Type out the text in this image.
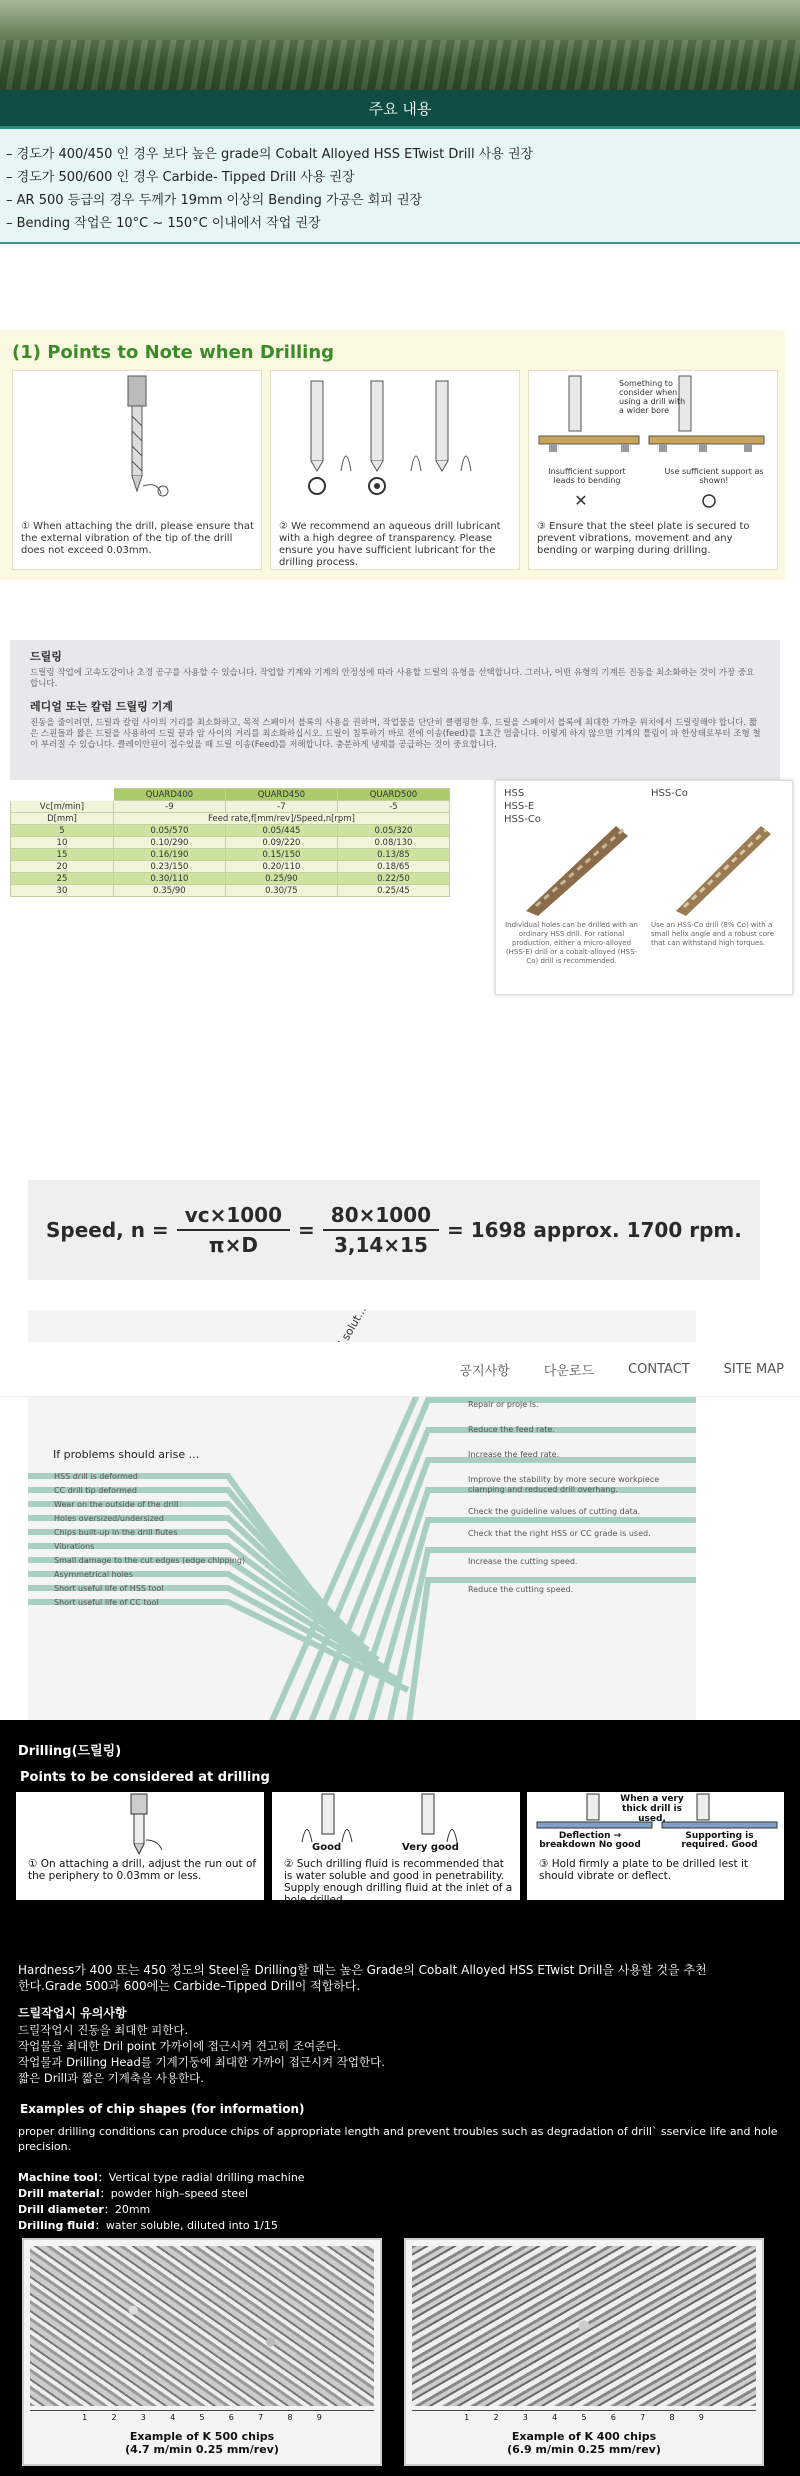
주요 내용
– 경도가 400/450 인 경우 보다 높은 grade의 Cobalt Alloyed HSS ETwist Drill 사용 권장
– 경도가 500/600 인 경우 Carbide- Tipped Drill 사용 권장
– AR 500 등급의 경우 두께가 19mm 이상의 Bending 가공은 회피 권장
– Bending 작업은 10°C ~ 150°C 이내에서 작업 권장
(1) Points to Note when Drilling
① When attaching the drill, please ensure that the external vibration of the tip of the drill does not exceed 0.03mm.
② We recommend an aqueous drill lubricant with a high degree of transparency. Please ensure you have sufficient lubricant for the drilling process.
✕
Something to consider when using a drill with a wider bore
Insufficient support leads to bending
Use sufficient support as shown!
③ Ensure that the steel plate is secured to prevent vibrations, movement and any bending or warping during drilling.
드릴링

드릴링 작업에 고속도강이나 초경 공구를 사용할 수 있습니다. 작업할 기계와 기계의 안정성에 따라 사용할 드릴의 유형을 선택합니다. 그러나, 어떤 유형의 기계든 진동을 최소화하는 것이 가장 중요합니다.

레디얼 또는 칼럼 드릴링 기계

진동을 줄이려면, 드릴과 칼럼 사이의 거리를 최소화하고, 목적 스페이서 블록의 사용을 권하며, 작업물을 단단히 클램핑한 후, 드릴을 스페이서 블록에 최대한 가까운 위치에서 드릴링해야 합니다. 짧은 스핀들과 짧은 드릴을 사용하여 드릴 끝과 암 사이의 거리를 최소화하십시오. 드릴이 침투하기 바로 전에 이송(feed)를 1초간 멈춥니다. 이렇게 하지 않으면 기계의 틀림이 파 한상태로부터 조형 철이 부러질 수 있습니다. 클레이안된이 접수었을 때 드릴 이송(Feed)를 저해합니다. 충분하게 냉제를 공급하는 것이 중요합니다.

	QUARD400	QUARD450	QUARD500
Vc[m/min]	-9	-7	-5
D[mm]	Feed rate,f[mm/rev]/Speed,n[rpm]		
5	0.05/570	0.05/445	0.05/320
10	0.10/290	0.09/220	0.08/130
15	0.16/190	0.15/150	0.13/85
20	0.23/150	0.20/110	0.18/65
25	0.30/110	0.25/90	0.22/50
30	0.35/90	0.30/75	0.25/45
HSS
HSS-E
HSS-Co
HSS-Co
Individual holes can be drilled with an ordinary HSS drill. For rational production, either a micro-alloyed (HSS-E) drill or a cobalt-alloyed (HSS-Co) drill is recommended.
Use an HSS-Co drill (8% Co) with a small helix angle and a robust core that can withstand high torques.
Speed, $n = \frac{vc\times 1000}{\pi\times D} = \frac{80\times 1000}{3,14\times 15} = 1698$ approx. 1700 rpm.
If problems should arise ...
HSS drill is deformed
CC drill tip deformed
Wear on the outside of the drill
Holes oversized/undersized
Chips built-up in the drill flutes
Vibrations
Small damage to the cut edges (edge chipping)
Asymmetrical holes
Short useful life of HSS tool
Short useful life of CC tool
Repair or proje is.
Reduce the feed rate.
Increase the feed rate.
Improve the stability by more secure workpiece clamping and reduced drill overhang.
Check the guideline values of cutting data.
Check that the right HSS or CC grade is used.
Increase the cutting speed.
Reduce the cutting speed.
공지사항	다운로드	CONTACT	SITE MAP
Drilling(드릴링)
Points to be considered at drilling
① On attaching a drill, adjust the run out of the periphery to 0.03mm or less.
Good	Very good
② Such drilling fluid is recommended that is water soluble and good in penetrability. Supply enough drilling fluid at the inlet of a hole drilled.
When a very thick drill is used,
Deflection → breakdown No good
Supporting is required. Good
③ Hold firmly a plate to be drilled lest it should vibrate or deflect.
Hardness가 400 또는 450 정도의 Steel을 Drilling할 때는 높은 Grade의 Cobalt Alloyed HSS ETwist Drill을 사용할 것을 추천한다.Grade 500과 600에는 Carbide–Tipped Drill이 적합하다.
드릴작업시 유의사항
드릴작업시 진동을 최대한 피한다.
작업물을 최대한 Dril point 가까이에 접근시켜 견고히 조여준다.
작업물과 Drilling Head를 기계기둥에 최대한 가까이 접근시켜 작업한다.
짧은 Drill과 짧은 기계축을 사용한다.
Examples of chip shapes (for information)
proper drilling conditions can produce chips of appropriate length and prevent troubles such as degradation of drill` sservice life and hole precision.
Machine tool：Vertical type radial drilling machine
Drill material：powder high–speed steel
Drill diameter：20mm
Drilling fluid：water soluble, diluted into 1/15
1	2	3	4	5	6	7	8	9
Example of K 500 chips
(4.7 m/min 0.25 mm/rev)
1	2	3	4	5	6	7	8	9
Example of K 400 chips
(6.9 m/min 0.25 mm/rev)
